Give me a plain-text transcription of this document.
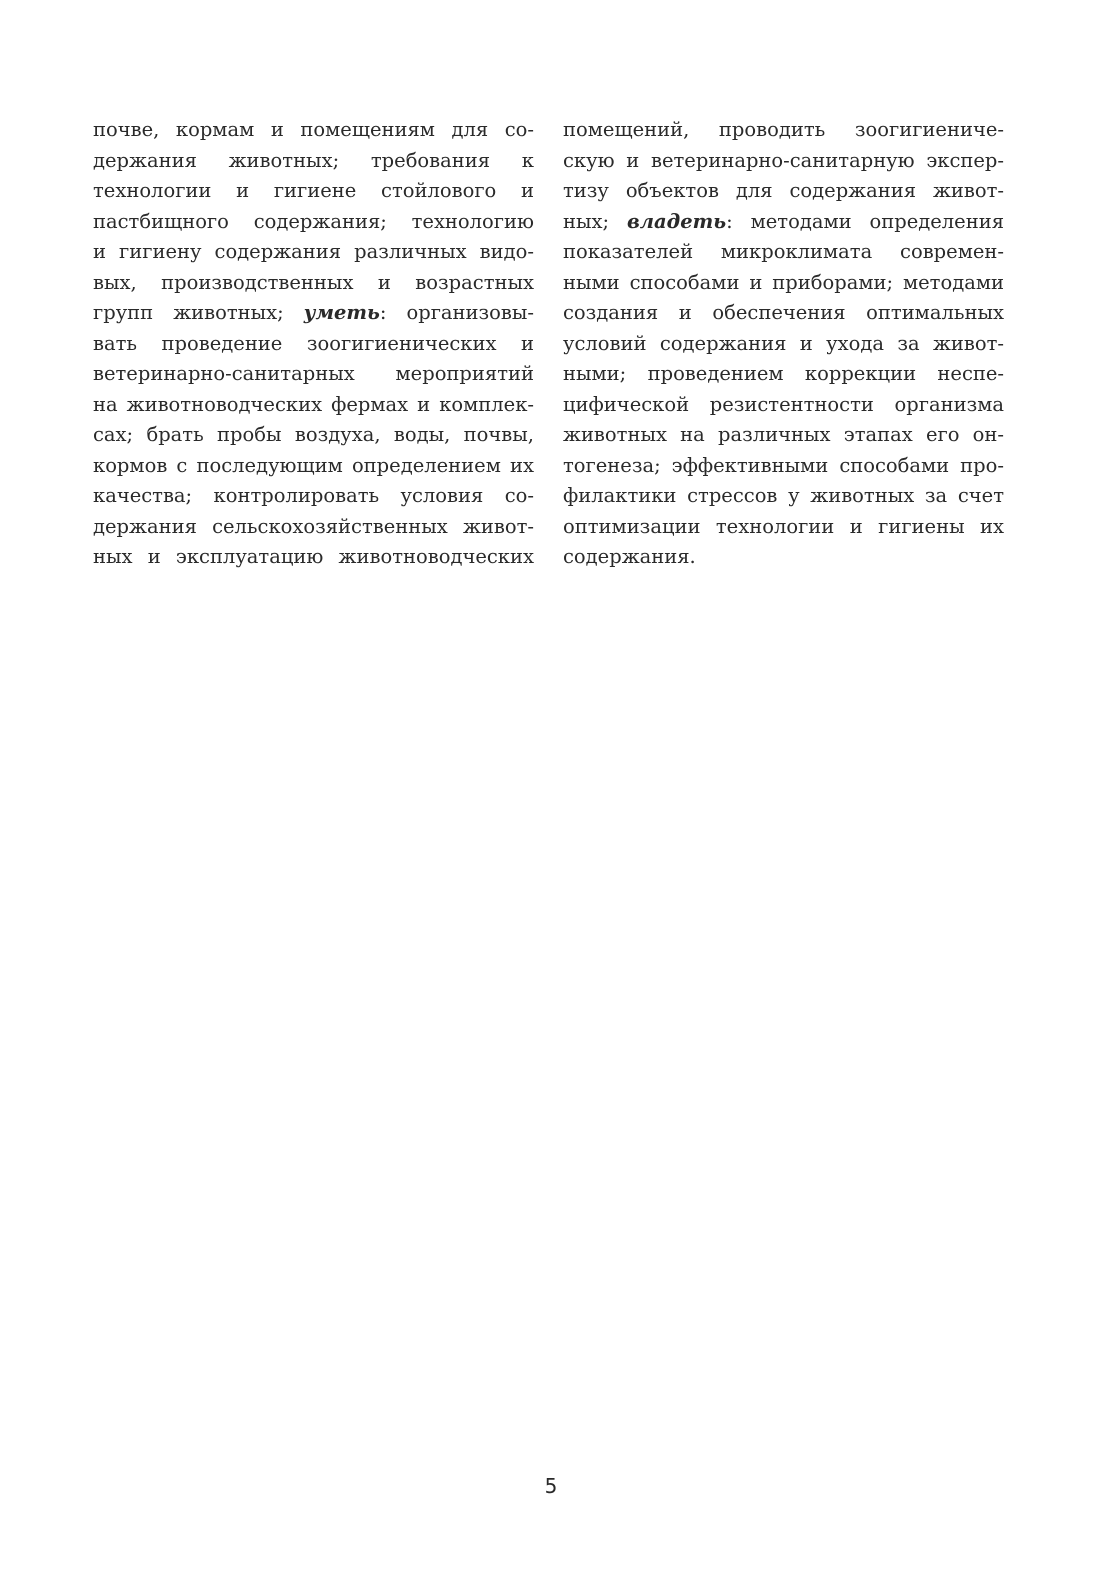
почве, кормам и помещениям для со-
держания животных; требования к
технологии и гигиене стойлового и
пастбищного содержания; технологию
и гигиену содержания различных видо-
вых, производственных и возрастных
групп животных; уметь: организовы-
вать проведение зоогигиенических и
ветеринарно-санитарных мероприятий
на животноводческих фермах и комплек-
сах; брать пробы воздуха, воды, почвы,
кормов с последующим определением их
качества; контролировать условия со-
держания сельскохозяйственных живот-
ных и эксплуатацию животноводческих
помещений, проводить зоогигиениче-
скую и ветеринарно-санитарную экспер-
тизу объектов для содержания живот-
ных; владеть: методами определения
показателей микроклимата современ-
ными способами и приборами; методами
создания и обеспечения оптимальных
условий содержания и ухода за живот-
ными; проведением коррекции неспе-
цифической резистентности организма
животных на различных этапах его он-
тогенеза; эффективными способами про-
филактики стрессов у животных за счет
оптимизации технологии и гигиены их
содержания.
5
